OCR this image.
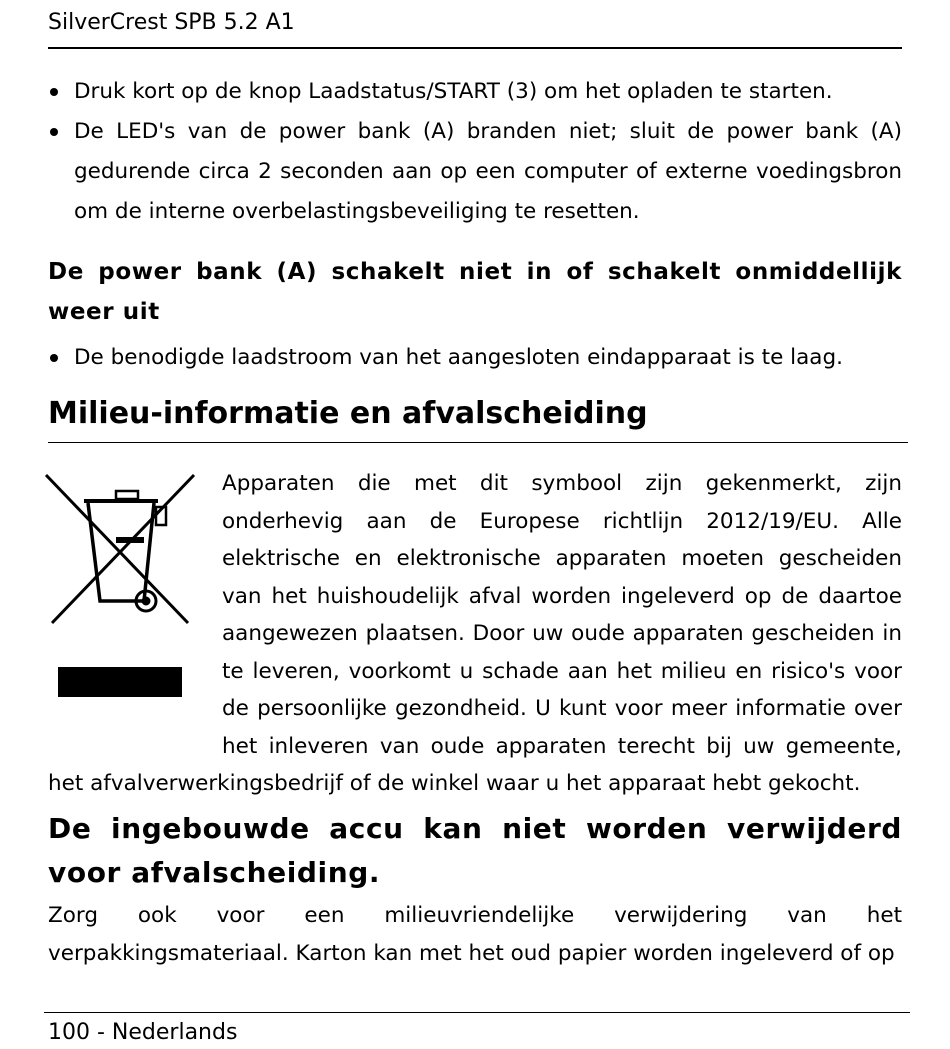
SilverCrest SPB 5.2 A1
Druk kort op de knop Laadstatus/START (3) om het opladen te starten.
De LED's van de power bank (A) branden niet; sluit de power bank (A) gedurende circa 2 seconden aan op een computer of externe voedingsbron om de interne overbelastingsbeveiliging te resetten.
De power bank (A) schakelt niet in of schakelt onmiddellijk weer uit
De benodigde laadstroom van het aangesloten eindapparaat is te laag.
Milieu-informatie en afvalscheiding

Apparaten die met dit symbool zijn gekenmerkt, zijn onderhevig aan de Europese richtlijn 2012/19/EU. Alle elektrische en elektronische apparaten moeten gescheiden van het huishoudelijk afval worden ingeleverd op de daartoe aangewezen plaatsen. Door uw oude apparaten gescheiden in te leveren, voorkomt u schade aan het milieu en risico's voor de persoonlijke gezondheid. U kunt voor meer informatie over het inleveren van oude apparaten terecht bij uw gemeente, het afvalverwerkingsbedrijf of de winkel waar u het apparaat hebt gekocht.

De ingebouwde accu kan niet worden verwijderd voor afvalscheiding.

Zorg ook voor een milieuvriendelijke verwijdering van het verpakkingsmateriaal. Karton kan met het oud papier worden ingeleverd of op

100 - Nederlands
